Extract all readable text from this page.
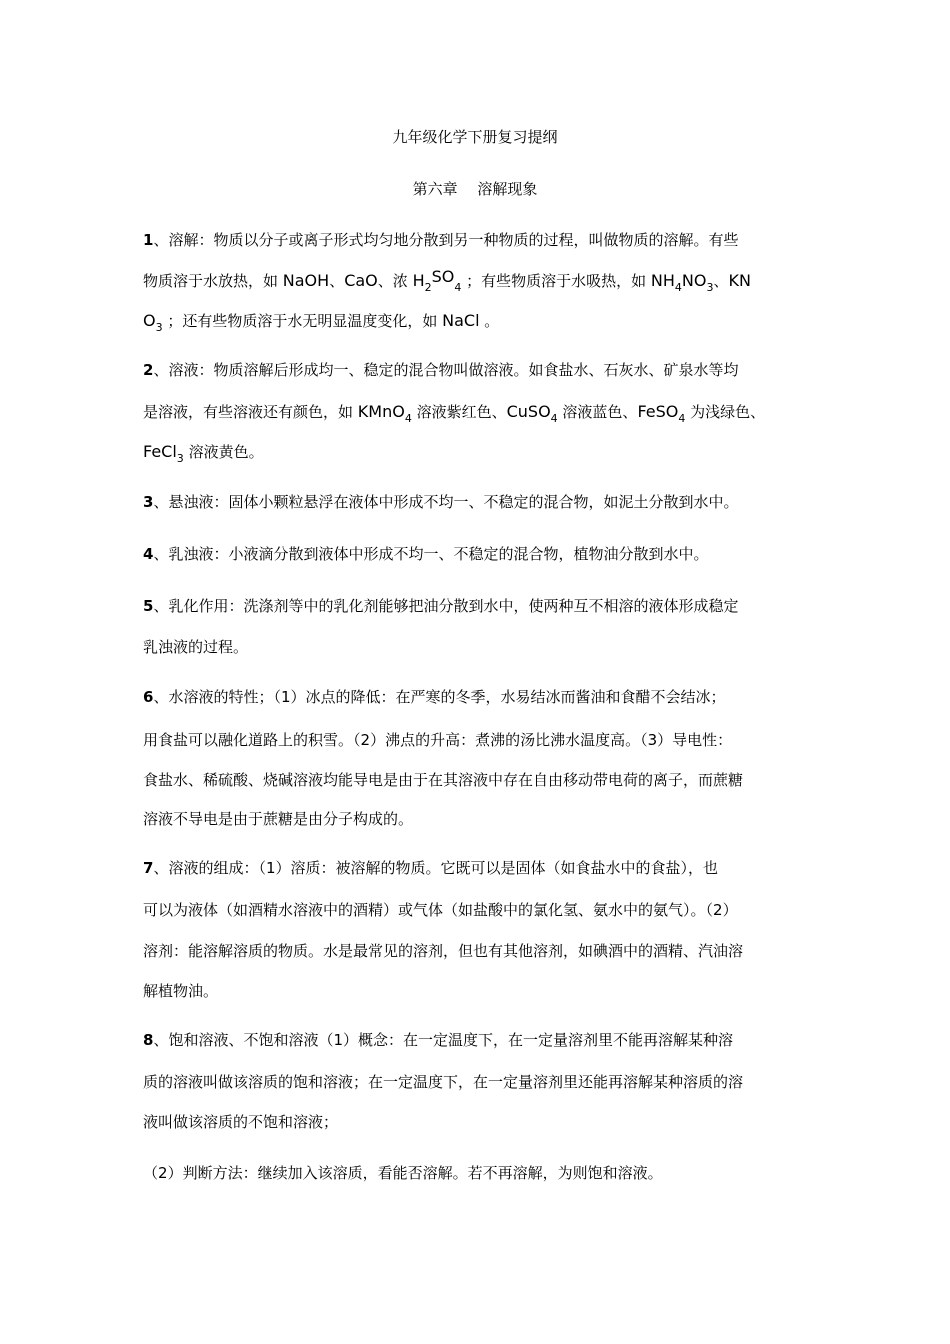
九年级化学下册复习提纲
第六章　 溶解现象
1、溶解：物质以分子或离子形式均匀地分散到另一种物质的过程，叫做物质的溶解。有些
物质溶于水放热，如 NaOH、CaO、浓 $H_2SO_4$ ；有些物质溶于水吸热，如 $NH_4NO_3$、KN
$O_3$ ；还有些物质溶于水无明显温度变化，如 NaCl 。
2、溶液：物质溶解后形成均一、稳定的混合物叫做溶液。如食盐水、石灰水、矿泉水等均
是溶液，有些溶液还有颜色，如 KMnO$_4$ 溶液紫红色、CuSO$_4$ 溶液蓝色、FeSO$_4$ 为浅绿色、
FeCl$_3$ 溶液黄色。
3、悬浊液：固体小颗粒悬浮在液体中形成不均一、不稳定的混合物，如泥土分散到水中。
4、乳浊液：小液滴分散到液体中形成不均一、不稳定的混合物，植物油分散到水中。
5、乳化作用：洗涤剂等中的乳化剂能够把油分散到水中，使两种互不相溶的液体形成稳定
乳浊液的过程。
6、水溶液的特性；（1）冰点的降低：在严寒的冬季，水易结冰而酱油和食醋不会结冰；
用食盐可以融化道路上的积雪。（2）沸点的升高：煮沸的汤比沸水温度高。（3）导电性：
食盐水、稀硫酸、烧碱溶液均能导电是由于在其溶液中存在自由移动带电荷的离子，而蔗糖
溶液不导电是由于蔗糖是由分子构成的。
7、溶液的组成：（1）溶质：被溶解的物质。它既可以是固体（如食盐水中的食盐），也
可以为液体（如酒精水溶液中的酒精）或气体（如盐酸中的氯化氢、氨水中的氨气）。（2）
溶剂：能溶解溶质的物质。水是最常见的溶剂，但也有其他溶剂，如碘酒中的酒精、汽油溶
解植物油。
8、饱和溶液、不饱和溶液（1）概念：在一定温度下，在一定量溶剂里不能再溶解某种溶
质的溶液叫做该溶质的饱和溶液；在一定温度下，在一定量溶剂里还能再溶解某种溶质的溶
液叫做该溶质的不饱和溶液；
（2）判断方法：继续加入该溶质，看能否溶解。若不再溶解，为则饱和溶液。
